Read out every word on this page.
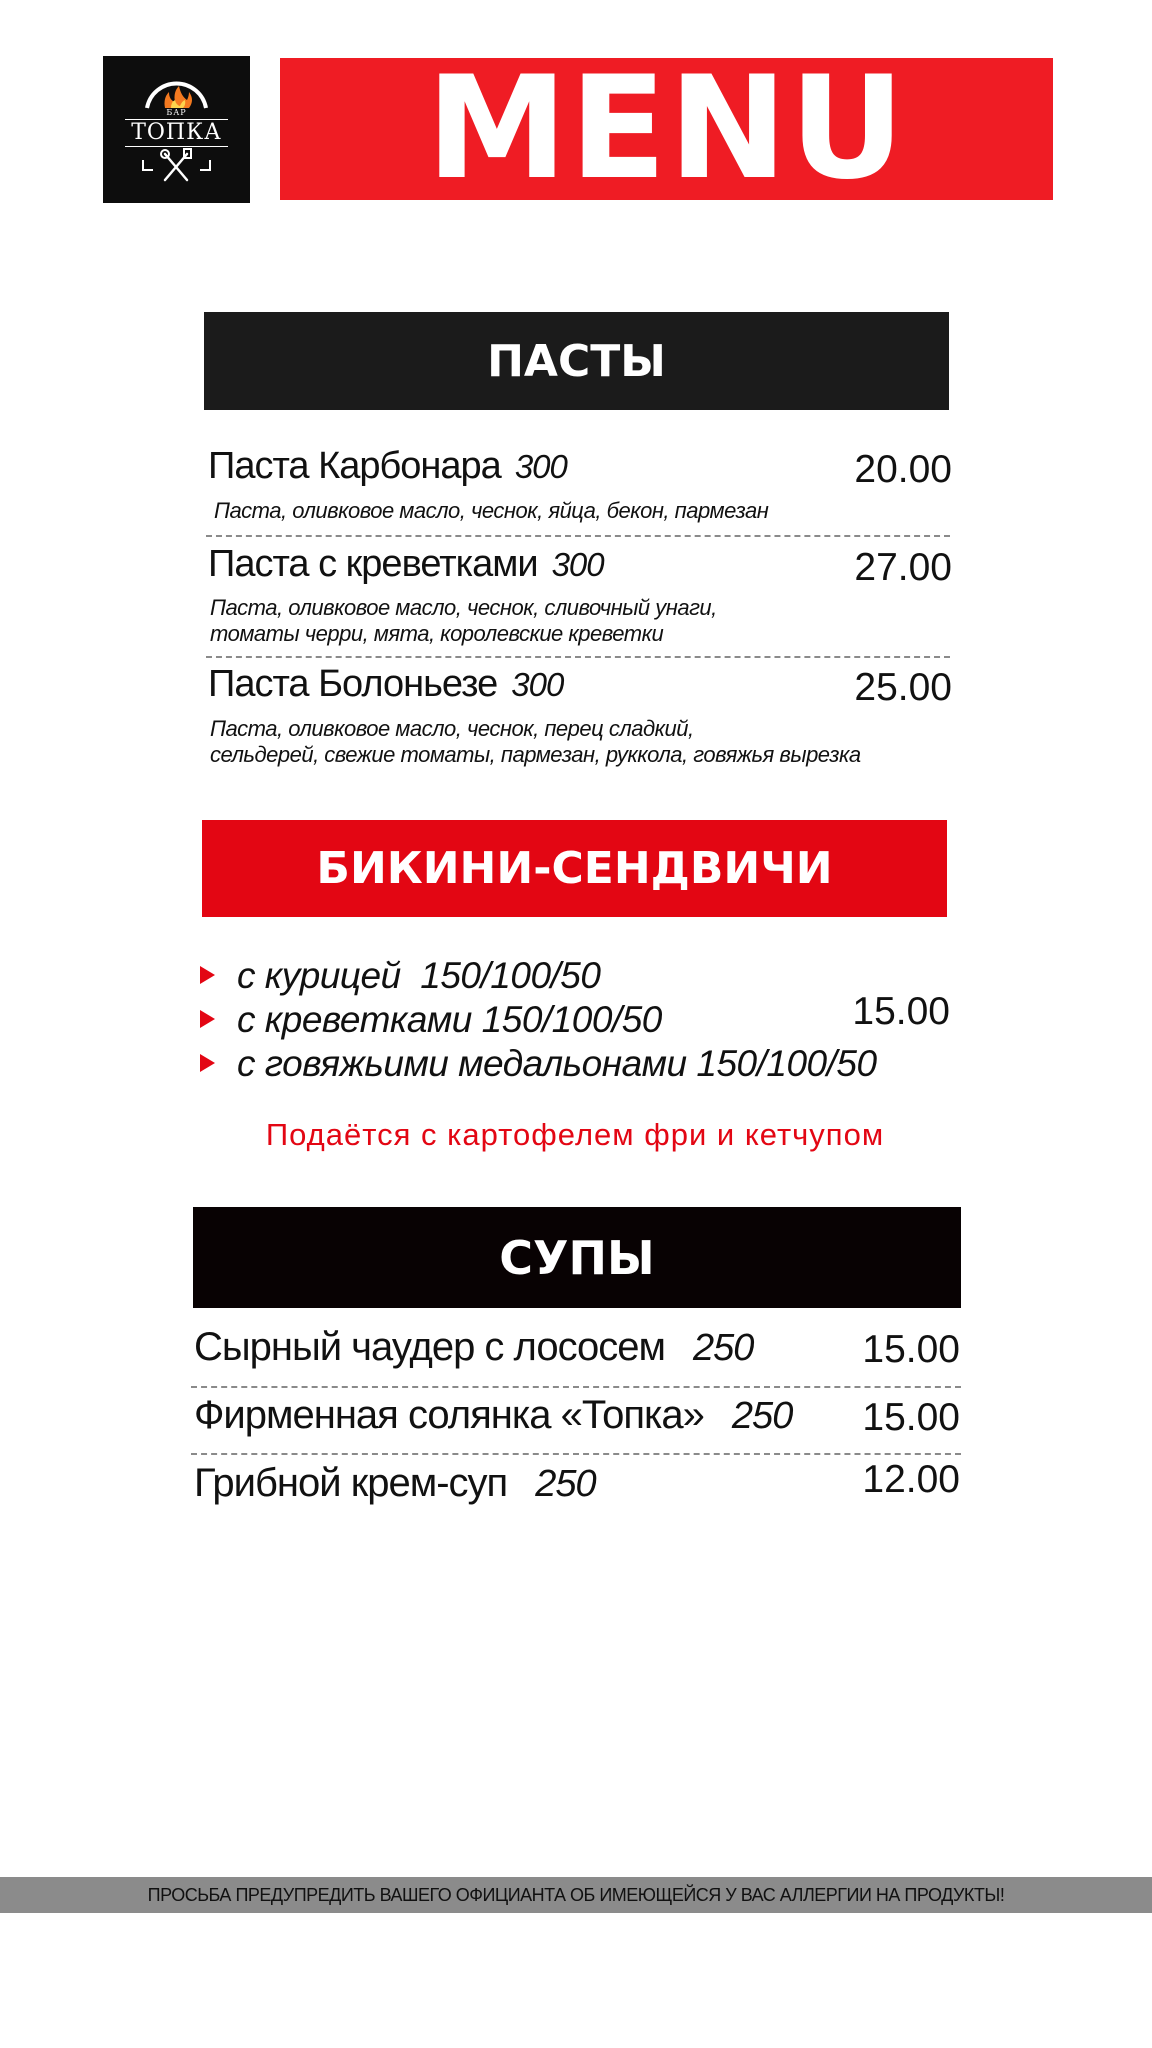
БАР
ТОПКА MENU
ПАСТЫ
Паста Карбонара 300	20.00
Паста, оливковое масло, чеснок, яйца, бекон, пармезан
Паста с креветками 300	27.00
Паста, оливковое масло, чеснок, сливочный унаги,
томаты черри, мята, королевские креветки
Паста Болоньезе 300	25.00
Паста, оливковое масло, чеснок, перец сладкий,
сельдерей, свежие томаты, пармезан, руккола, говяжья вырезка
БИКИНИ-СЕНДВИЧИ
с курицей 150/100/50
с креветками 150/100/50
с говяжьими медальонами 150/100/50
15.00
Подаётся с картофелем фри и кетчупом
СУПЫ
Сырный чаудер с лососем 250	15.00
Фирменная солянка «Топка» 250	15.00
Грибной крем-суп 250	12.00
ПРОСЬБА ПРЕДУПРЕДИТЬ ВАШЕГО ОФИЦИАНТА ОБ ИМЕЮЩЕЙСЯ У ВАС АЛЛЕРГИИ НА ПРОДУКТЫ!
